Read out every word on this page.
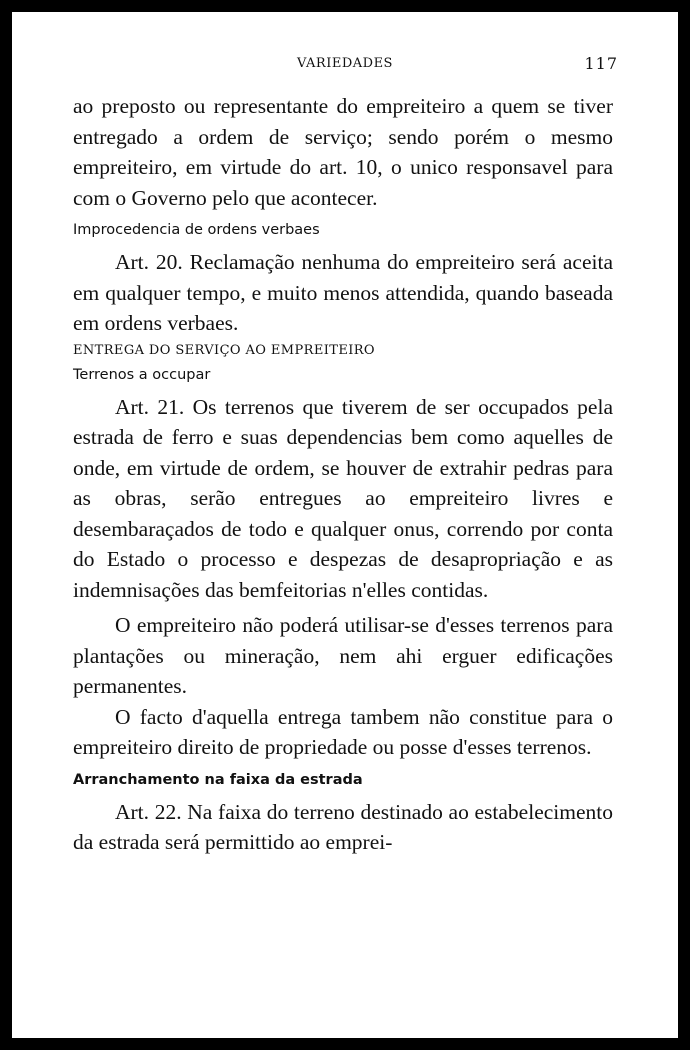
VARIEDADES	117

ao preposto ou representante do empreiteiro a quem se tiver entregado a ordem de serviço; sendo porém o mesmo empreiteiro, em virtude do art. 10, o unico responsavel para com o Governo pelo que acontecer.

Improcedencia de ordens verbaes

Art. 20. Reclamação nenhuma do empreiteiro será aceita em qualquer tempo, e muito menos attendida, quando baseada em ordens verbaes.

ENTREGA DO SERVIÇO AO EMPREITEIRO

Terrenos a occupar

Art. 21. Os terrenos que tiverem de ser occupados pela estrada de ferro e suas dependencias bem como aquelles de onde, em virtude de ordem, se houver de extrahir pedras para as obras, serão entregues ao empreiteiro livres e desembaraçados de todo e qualquer onus, correndo por conta do Estado o processo e despezas de desapropriação e as indemnisações das bemfeitorias n'elles contidas.

O empreiteiro não poderá utilisar-se d'esses terrenos para plantações ou mineração, nem ahi erguer edificações permanentes.

O facto d'aquella entrega tambem não constitue para o empreiteiro direito de propriedade ou posse d'esses terrenos.

Arranchamento na faixa da estrada

Art. 22. Na faixa do terreno destinado ao estabelecimento da estrada será permittido ao emprei-
